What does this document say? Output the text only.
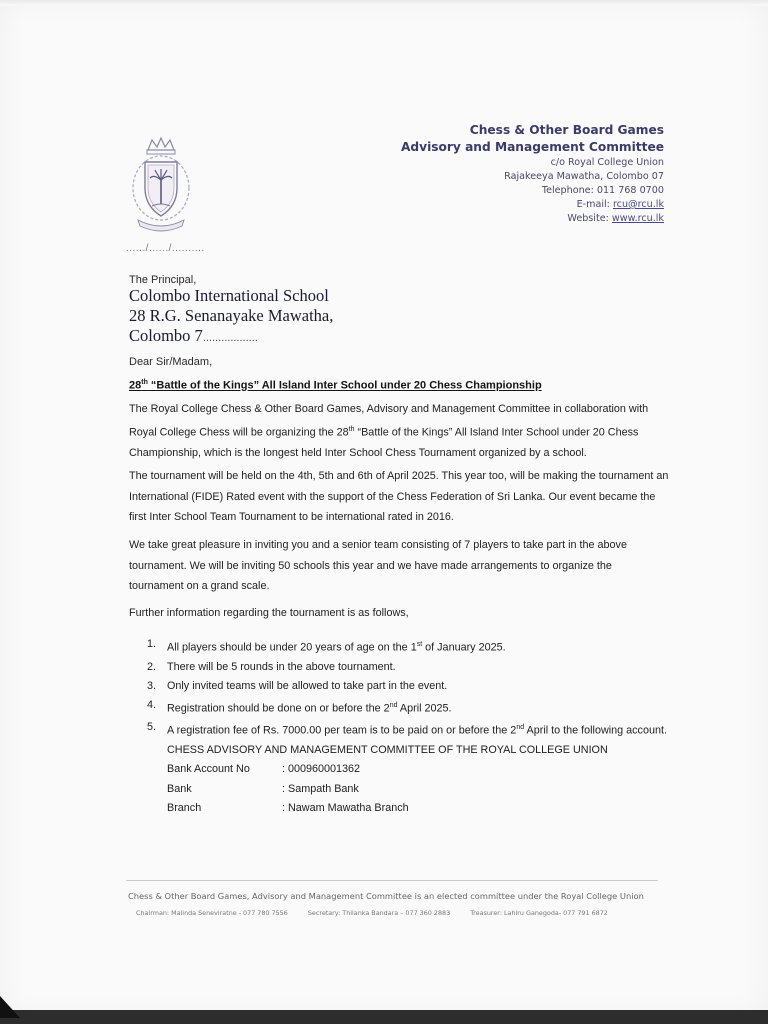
Chess & Other Board Games
Advisory and Management Committee
c/o Royal College Union
Rajakeeya Mawatha, Colombo 07
Telephone: 011 768 0700
E-mail: rcu@rcu.lk
Website: www.rcu.lk
....../....../..........
The Principal,
Colombo International School
28 R.G. Senanayake Mawatha,
Colombo 7..................
Dear Sir/Madam,
28th “Battle of the Kings” All Island Inter School under 20 Chess Championship
The Royal College Chess & Other Board Games, Advisory and Management Committee in collaboration with Royal College Chess will be organizing the 28th “Battle of the Kings” All Island Inter School under 20 Chess Championship, which is the longest held Inter School Chess Tournament organized by a school.
The tournament will be held on the 4th, 5th and 6th of April 2025. This year too, will be making the tournament an International (FIDE) Rated event with the support of the Chess Federation of Sri Lanka. Our event became the first Inter School Team Tournament to be international rated in 2016.
We take great pleasure in inviting you and a senior team consisting of 7 players to take part in the above tournament. We will be inviting 50 schools this year and we have made arrangements to organize the tournament on a grand scale.
Further information regarding the tournament is as follows,
1. All players should be under 20 years of age on the 1st of January 2025.
2. There will be 5 rounds in the above tournament.
3. Only invited teams will be allowed to take part in the event.
4. Registration should be done on or before the 2nd April 2025.
5. A registration fee of Rs. 7000.00 per team is to be paid on or before the 2nd April to the following account.
CHESS ADVISORY AND MANAGEMENT COMMITTEE OF THE ROYAL COLLEGE UNION
Bank Account No	: 000960001362
Bank	: Sampath Bank
Branch	: Nawam Mawatha Branch
Chess & Other Board Games, Advisory and Management Committee is an elected committee under the Royal College Union
Chairman: Malinda Seneviratne - 077 780 7556	Secretary: Thilanka Bandara – 077 360 2883	Treasurer: Lahiru Ganegoda- 077 791 6872
